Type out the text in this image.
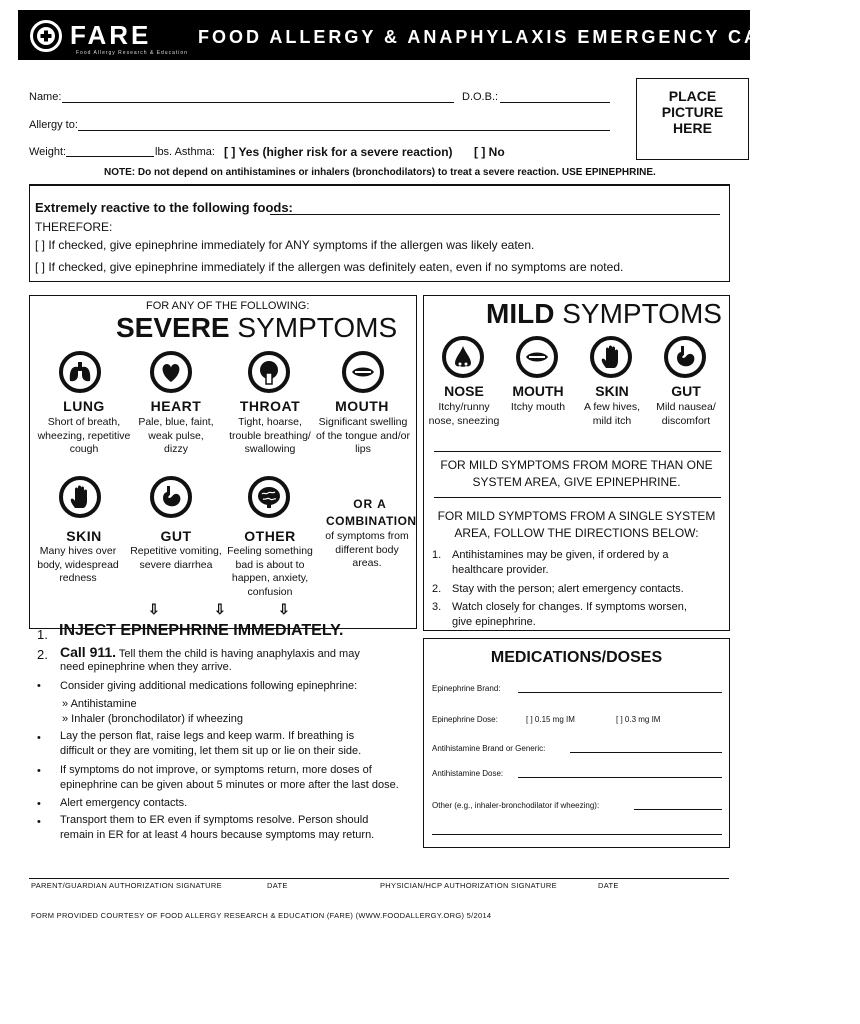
FARE
Food Allergy Research & Education
FOOD ALLERGY & ANAPHYLAXIS EMERGENCY CARE PLAN
Name:	D.O.B.:
Allergy to:
Weight:	lbs. Asthma: [ ] Yes (higher risk for a severe reaction) [ ] No
PLACE
PICTURE
HERE
NOTE: Do not depend on antihistamines or inhalers (bronchodilators) to treat a severe reaction. USE EPINEPHRINE.
Extremely reactive to the following foods:
THEREFORE:
[ ] If checked, give epinephrine immediately for ANY symptoms if the allergen was likely eaten.
[ ] If checked, give epinephrine immediately if the allergen was definitely eaten, even if no symptoms are noted.
FOR ANY OF THE FOLLOWING:
SEVERE SYMPTOMS
LUNG
Short of breath, wheezing, repetitive cough
HEART
Pale, blue, faint, weak pulse, dizzy
THROAT
Tight, hoarse, trouble breathing/ swallowing
MOUTH
Significant swelling of the tongue and/or lips
SKIN
Many hives over body, widespread redness
GUT
Repetitive vomiting, severe diarrhea
OTHER
Feeling something bad is about to happen, anxiety, confusion
OR A
COMBINATION
of symptoms from different body areas.
⇩	⇩	⇩
1. INJECT EPINEPHRINE IMMEDIATELY.
2. Call 911. Tell them the child is having anaphylaxis and may
need epinephrine when they arrive.
• Consider giving additional medications following epinephrine:
» Antihistamine
» Inhaler (bronchodilator) if wheezing
• Lay the person flat, raise legs and keep warm. If breathing is
difficult or they are vomiting, let them sit up or lie on their side.
• If symptoms do not improve, or symptoms return, more doses of
epinephrine can be given about 5 minutes or more after the last dose.
• Alert emergency contacts.
• Transport them to ER even if symptoms resolve. Person should
remain in ER for at least 4 hours because symptoms may return.
MILD SYMPTOMS
NOSE
Itchy/runny nose, sneezing
MOUTH
Itchy mouth
SKIN
A few hives, mild itch
GUT
Mild nausea/ discomfort
FOR MILD SYMPTOMS FROM MORE THAN ONE
SYSTEM AREA, GIVE EPINEPHRINE.
FOR MILD SYMPTOMS FROM A SINGLE SYSTEM
AREA, FOLLOW THE DIRECTIONS BELOW:
1. Antihistamines may be given, if ordered by a
healthcare provider.
2. Stay with the person; alert emergency contacts.
3. Watch closely for changes. If symptoms worsen,
give epinephrine.
MEDICATIONS/DOSES
Epinephrine Brand:
Epinephrine Dose:	[ ] 0.15 mg IM	[ ] 0.3 mg IM
Antihistamine Brand or Generic:
Antihistamine Dose:
Other (e.g., inhaler-bronchodilator if wheezing):
PARENT/GUARDIAN AUTHORIZATION SIGNATURE	DATE	PHYSICIAN/HCP AUTHORIZATION SIGNATURE	DATE
FORM PROVIDED COURTESY OF FOOD ALLERGY RESEARCH & EDUCATION (FARE) (WWW.FOODALLERGY.ORG) 5/2014
